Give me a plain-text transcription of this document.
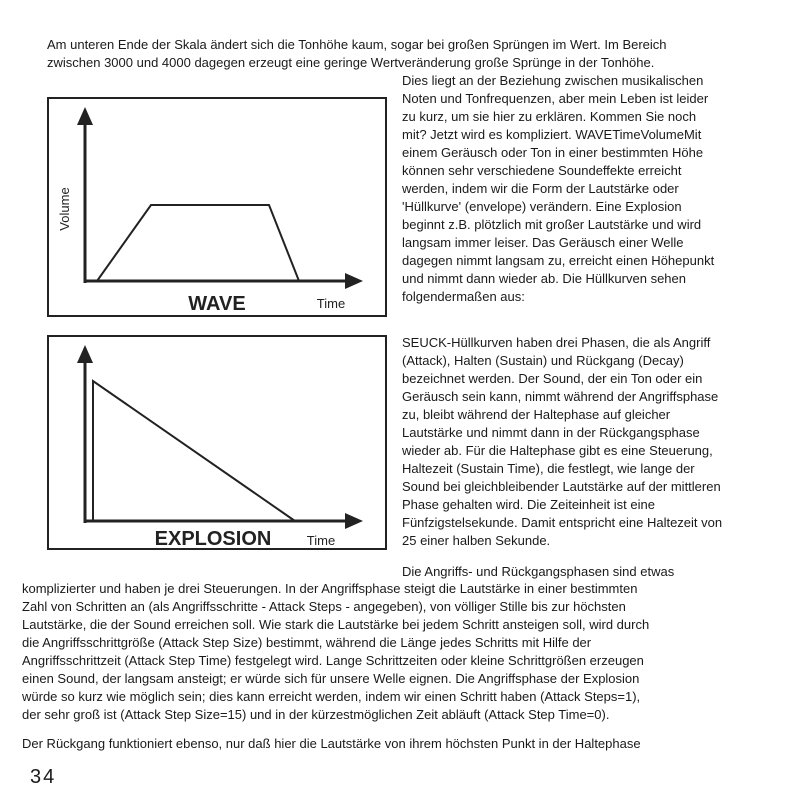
Am unteren Ende der Skala ändert sich die Tonhöhe kaum, sogar bei großen Sprüngen im Wert. Im Bereich
zwischen 3000 und 4000 dagegen erzeugt eine geringe Wertveränderung große Sprünge in der Tonhöhe.
Dies liegt an der Beziehung zwischen musikalischen
Noten und Tonfrequenzen, aber mein Leben ist leider
zu kurz, um sie hier zu erklären. Kommen Sie noch
mit? Jetzt wird es kompliziert. WAVETimeVolumeMit
einem Geräusch oder Ton in einer bestimmten Höhe
können sehr verschiedene Soundeffekte erreicht
werden, indem wir die Form der Lautstärke oder
'Hüllkurve' (envelope) verändern. Eine Explosion
beginnt z.B. plötzlich mit großer Lautstärke und wird
langsam immer leiser. Das Geräusch einer Welle
dagegen nimmt langsam zu, erreicht einen Höhepunkt
und nimmt dann wieder ab. Die Hüllkurven sehen
folgendermaßen aus:
Volume
WAVE	Time
EXPLOSION	Time
SEUCK-Hüllkurven haben drei Phasen, die als Angriff
(Attack), Halten (Sustain) und Rückgang (Decay)
bezeichnet werden. Der Sound, der ein Ton oder ein
Geräusch sein kann, nimmt während der Angriffsphase
zu, bleibt während der Haltephase auf gleicher
Lautstärke und nimmt dann in der Rückgangsphase
wieder ab. Für die Haltephase gibt es eine Steuerung,
Haltezeit (Sustain Time), die festlegt, wie lange der
Sound bei gleichbleibender Lautstärke auf der mittleren
Phase gehalten wird. Die Zeiteinheit ist eine
Fünfzigstelsekunde. Damit entspricht eine Haltezeit von
25 einer halben Sekunde.
Die Angriffs- und Rückgangsphasen sind etwas
komplizierter und haben je drei Steuerungen. In der Angriffsphase steigt die Lautstärke in einer bestimmten
Zahl von Schritten an (als Angriffsschritte - Attack Steps - angegeben), von völliger Stille bis zur höchsten
Lautstärke, die der Sound erreichen soll. Wie stark die Lautstärke bei jedem Schritt ansteigen soll, wird durch
die Angriffsschrittgröße (Attack Step Size) bestimmt, während die Länge jedes Schritts mit Hilfe der
Angriffsschrittzeit (Attack Step Time) festgelegt wird. Lange Schrittzeiten oder kleine Schrittgrößen erzeugen
einen Sound, der langsam ansteigt; er würde sich für unsere Welle eignen. Die Angriffsphase der Explosion
würde so kurz wie möglich sein; dies kann erreicht werden, indem wir einen Schritt haben (Attack Steps=1),
der sehr groß ist (Attack Step Size=15) und in der kürzestmöglichen Zeit abläuft (Attack Step Time=0).
Der Rückgang funktioniert ebenso, nur daß hier die Lautstärke von ihrem höchsten Punkt in der Haltephase
34
